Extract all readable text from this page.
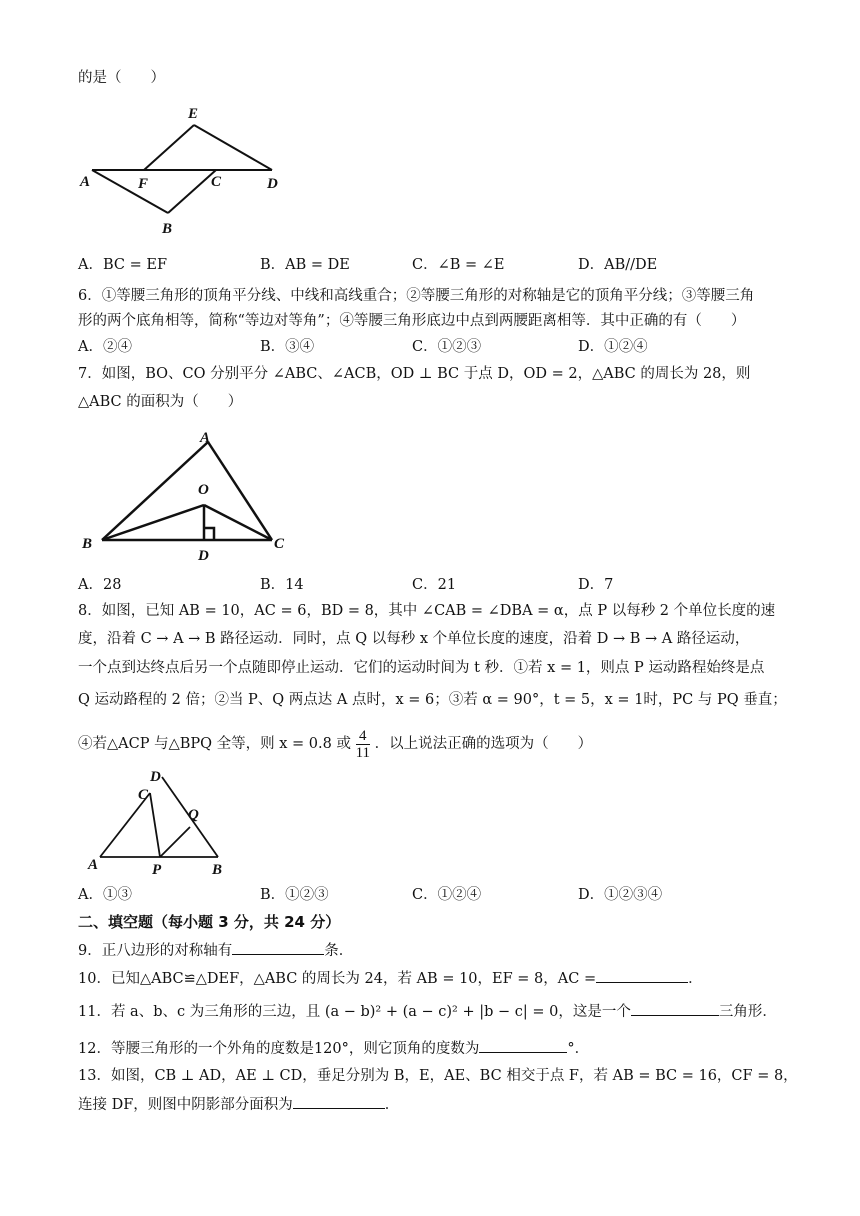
的是（　　）
E
A	F	C	D
B
A．BC = EF	B．AB = DE	C．∠B = ∠E	D．AB//DE
6．①等腰三角形的顶角平分线、中线和高线重合；②等腰三角形的对称轴是它的顶角平分线；③等腰三角
形的两个底角相等，简称“等边对等角”；④等腰三角形底边中点到两腰距离相等．其中正确的有（　　）
A．②④	B．③④	C．①②③	D．①②④
7．如图，BO、CO 分别平分 ∠ABC、∠ACB，OD ⊥ BC 于点 D，OD = 2，△ABC 的周长为 28，则
△ABC 的面积为（　　）
A
O
B
D
C
A．28	B．14	C．21	D．7
8．如图，已知 AB = 10，AC = 6，BD = 8，其中 ∠CAB = ∠DBA = α，点 P 以每秒 2 个单位长度的速
度，沿着 C → A → B 路径运动．同时，点 Q 以每秒 x 个单位长度的速度，沿着 D → B → A 路径运动，
一个点到达终点后另一个点随即停止运动．它们的运动时间为 t 秒．①若 x = 1，则点 P 运动路程始终是点
Q 运动路程的 2 倍；②当 P、Q 两点达 A 点时，x = 6；③若 α = 90°，t = 5，x = 1时，PC 与 PQ 垂直；
④若△ACP 与△BPQ 全等，则 x = 0.8 或 $\frac{4}{11}$ ．以上说法正确的选项为（　　）
D
C
Q
A	P	B
A．①③	B．①②③	C．①②④	D．①②③④
二、填空题（每小题 3 分，共 24 分）
9．正八边形的对称轴有	条．
10．已知△ABC≌△DEF，△ABC 的周长为 24，若 AB = 10，EF = 8，AC =	．
11．若 a、b、c 为三角形的三边，且 (a − b)² + (a − c)² + |b − c| = 0，这是一个	三角形．
12．等腰三角形的一个外角的度数是120°，则它顶角的度数为	°．
13．如图，CB ⊥ AD，AE ⊥ CD，垂足分别为 B，E，AE、BC 相交于点 F，若 AB = BC = 16，CF = 8，
连接 DF，则图中阴影部分面积为	．
